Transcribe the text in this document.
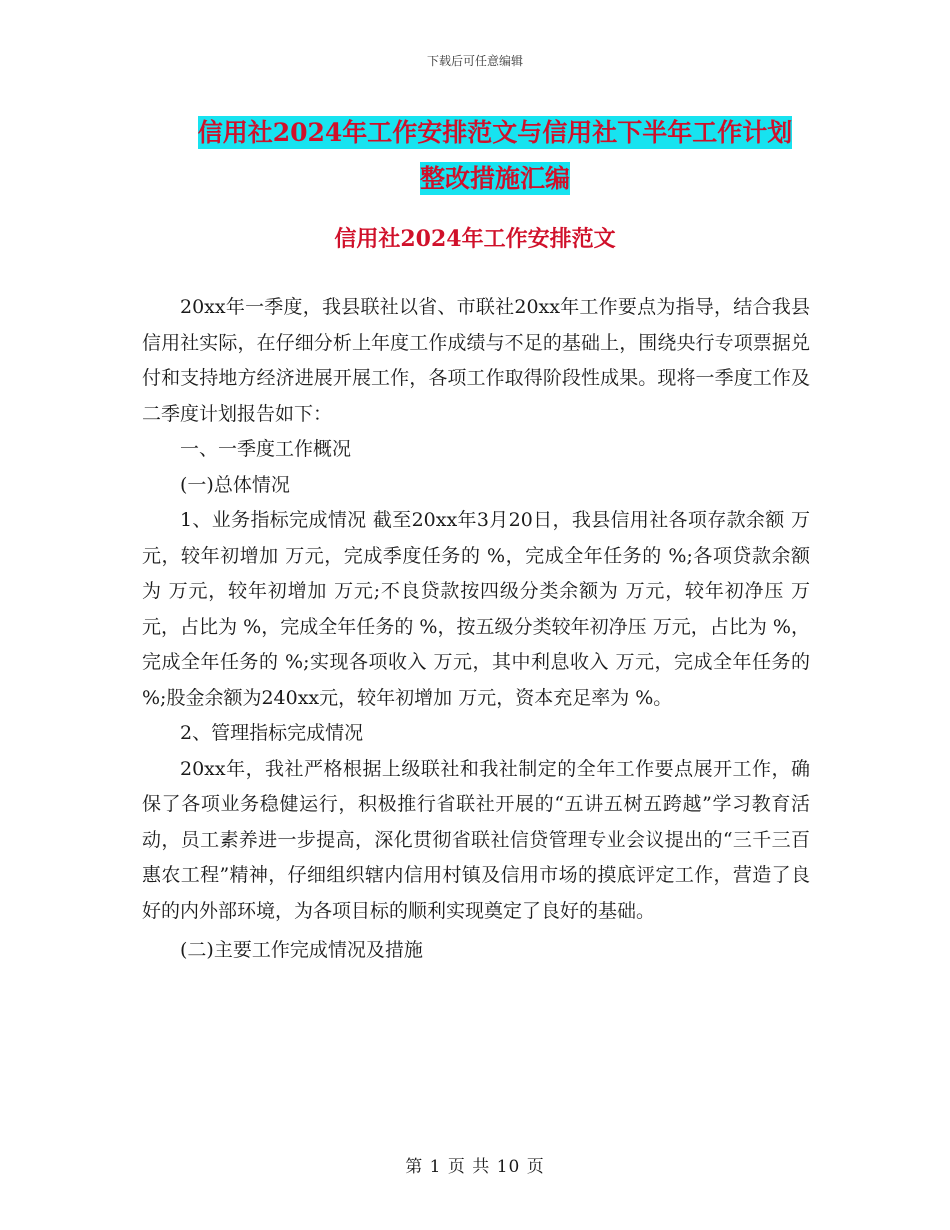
下载后可任意编辑
信用社2024年工作安排范文与信用社下半年工作计划
整改措施汇编
信用社2024年工作安排范文

20xx年一季度，我县联社以省、市联社20xx年工作要点为指导，结合我县信用社实际，在仔细分析上年度工作成绩与不足的基础上，围绕央行专项票据兑付和支持地方经济进展开展工作，各项工作取得阶段性成果。现将一季度工作及二季度计划报告如下：

一、一季度工作概况

(一)总体情况

1、业务指标完成情况 截至20xx年3月20日，我县信用社各项存款余额 万元，较年初增加 万元，完成季度任务的 %，完成全年任务的 %;各项贷款余额为 万元，较年初增加 万元;不良贷款按四级分类余额为 万元，较年初净压 万元，占比为 %，完成全年任务的 %，按五级分类较年初净压 万元，占比为 %，完成全年任务的 %;实现各项收入 万元，其中利息收入 万元，完成全年任务的 %;股金余额为240xx元，较年初增加 万元，资本充足率为 %。

2、管理指标完成情况

20xx年，我社严格根据上级联社和我社制定的全年工作要点展开工作，确保了各项业务稳健运行，积极推行省联社开展的“五讲五树五跨越”学习教育活动，员工素养进一步提高，深化贯彻省联社信贷管理专业会议提出的“三千三百惠农工程”精神，仔细组织辖内信用村镇及信用市场的摸底评定工作，营造了良好的内外部环境，为各项目标的顺利实现奠定了良好的基础。

(二)主要工作完成情况及措施

第 1 页 共 10 页
